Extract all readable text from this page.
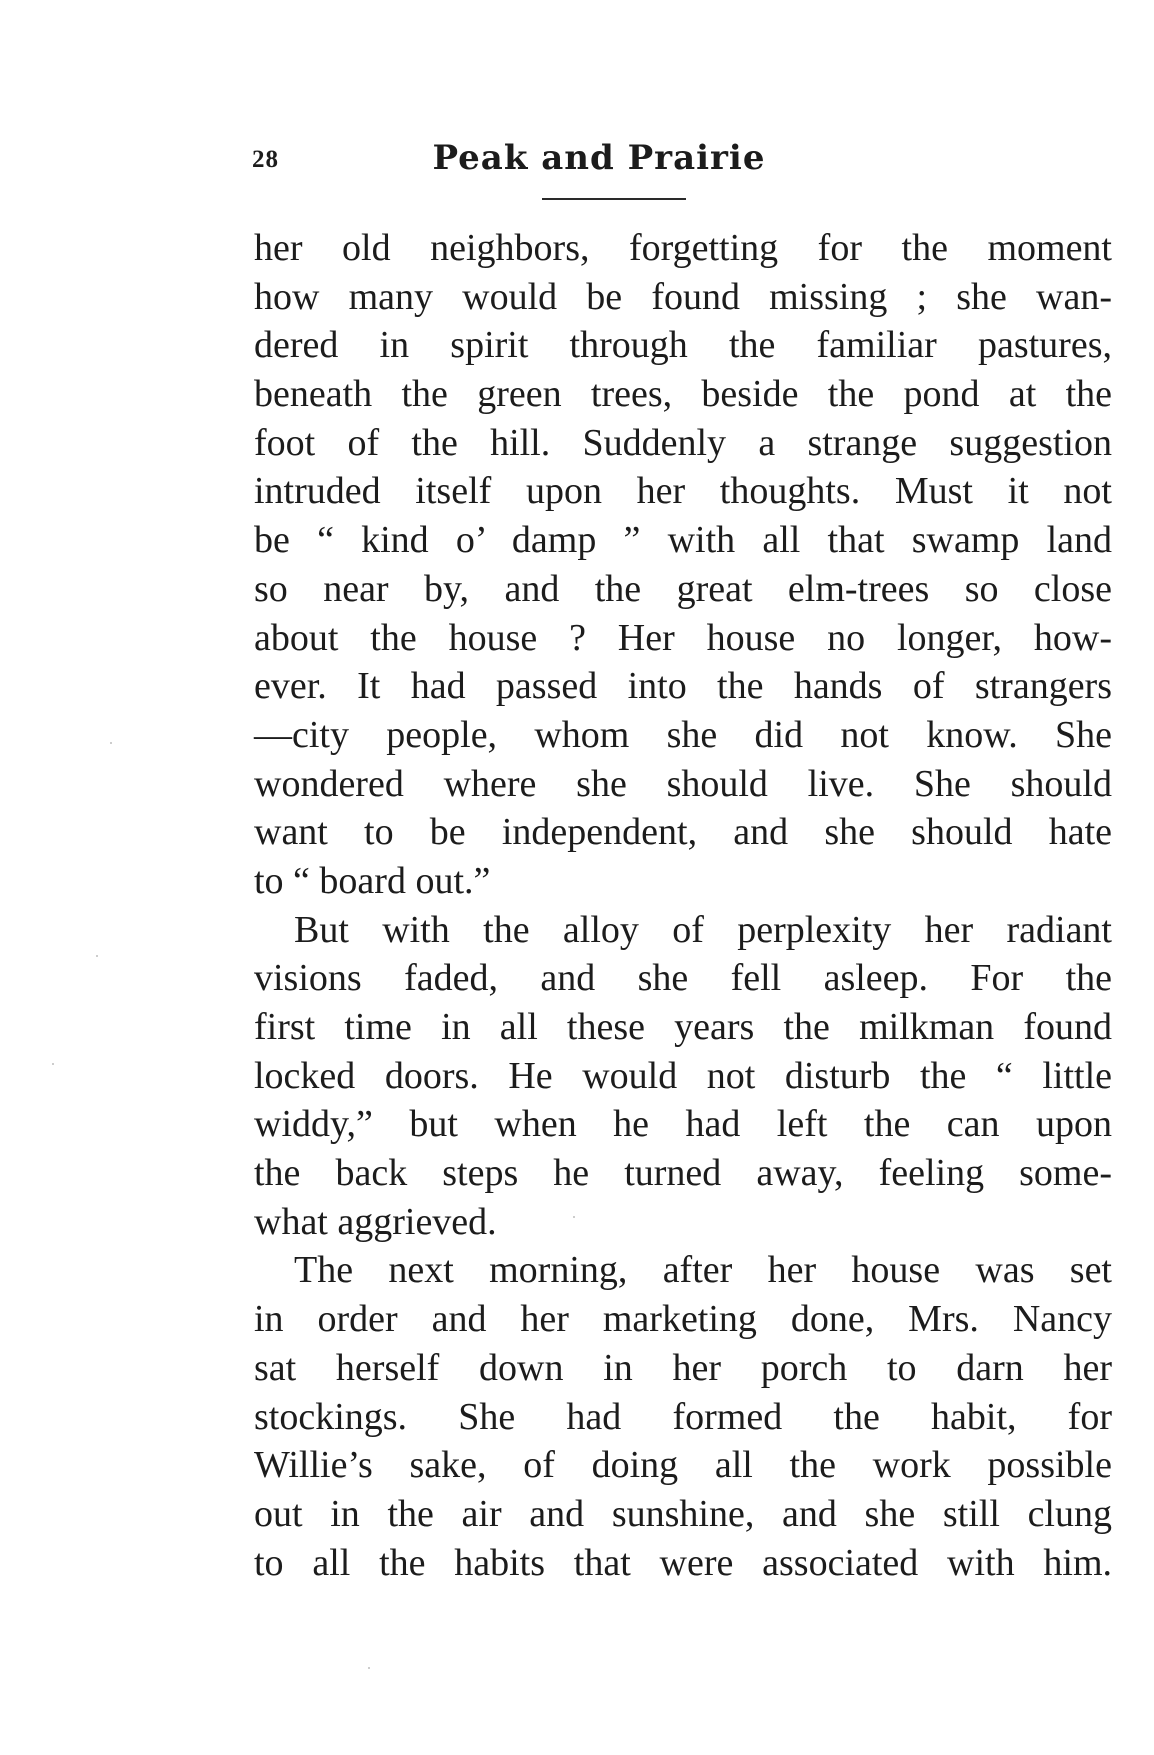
28	Peak and Prairie
her old neighbors, forgetting for the moment
how many would be found missing ; she wan-
dered in spirit through the familiar pastures,
beneath the green trees, beside the pond at the
foot of the hill. Suddenly a strange suggestion
intruded itself upon her thoughts. Must it not
be “ kind o’ damp ” with all that swamp land
so near by, and the great elm-trees so close
about the house ? Her house no longer, how-
ever. It had passed into the hands of strangers
—city people, whom she did not know. She
wondered where she should live. She should
want to be independent, and she should hate
to “ board out.”
But with the alloy of perplexity her radiant
visions faded, and she fell asleep. For the
first time in all these years the milkman found
locked doors. He would not disturb the “ little
widdy,” but when he had left the can upon
the back steps he turned away, feeling some-
what aggrieved.
The next morning, after her house was set
in order and her marketing done, Mrs. Nancy
sat herself down in her porch to darn her
stockings. She had formed the habit, for
Willie’s sake, of doing all the work possible
out in the air and sunshine, and she still clung
to all the habits that were associated with him.
